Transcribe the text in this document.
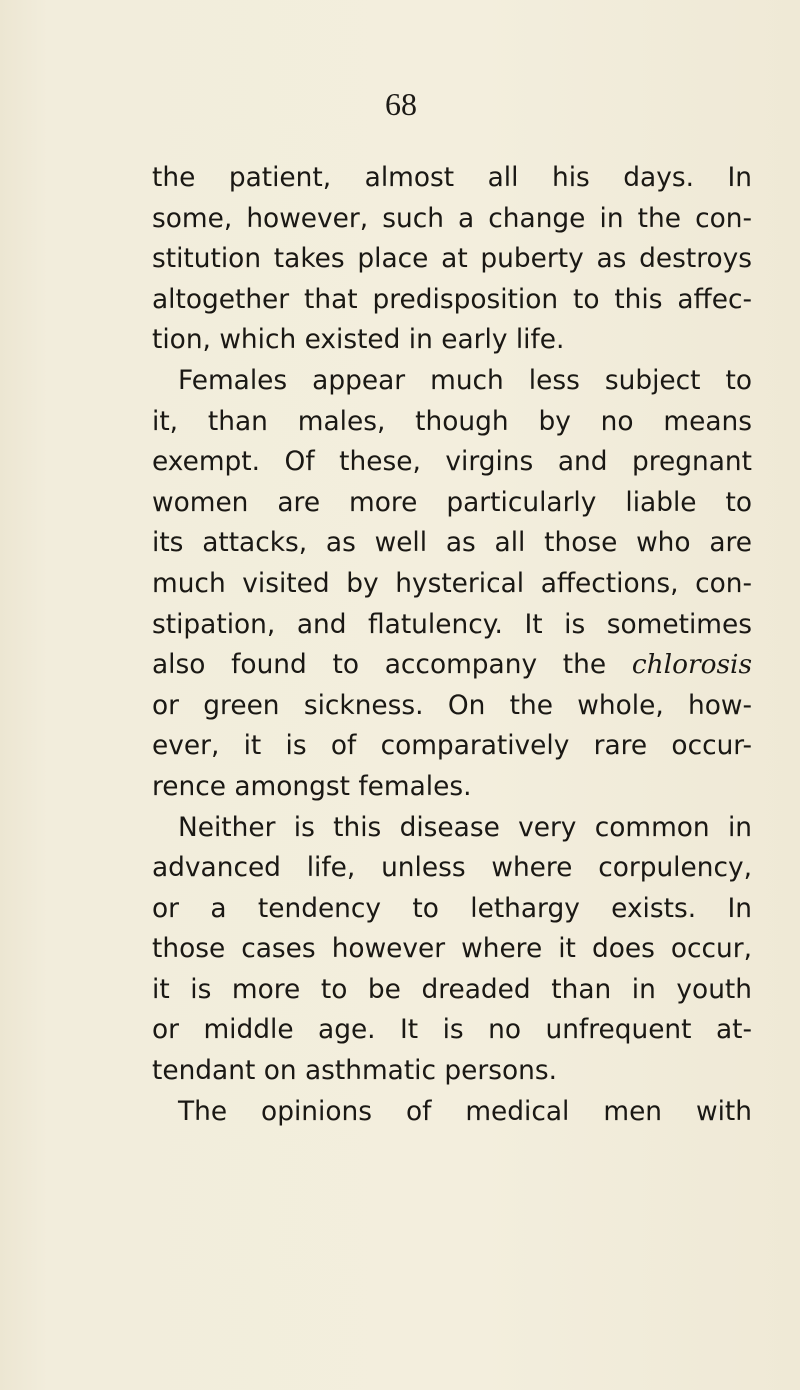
68
the patient, almost all his days. In
some, however, such a change in the con-
stitution takes place at puberty as destroys
altogether that predisposition to this affec-
tion, which existed in early life.
Females appear much less subject to
it, than males, though by no means
exempt. Of these, virgins and pregnant
women are more particularly liable to
its attacks, as well as all those who are
much visited by hysterical affections, con-
stipation, and flatulency. It is sometimes
also found to accompany the chlorosis
or green sickness. On the whole, how-
ever, it is of comparatively rare occur-
rence amongst females.
Neither is this disease very common in
advanced life, unless where corpulency,
or a tendency to lethargy exists. In
those cases however where it does occur,
it is more to be dreaded than in youth
or middle age. It is no unfrequent at-
tendant on asthmatic persons.
The opinions of medical men with
